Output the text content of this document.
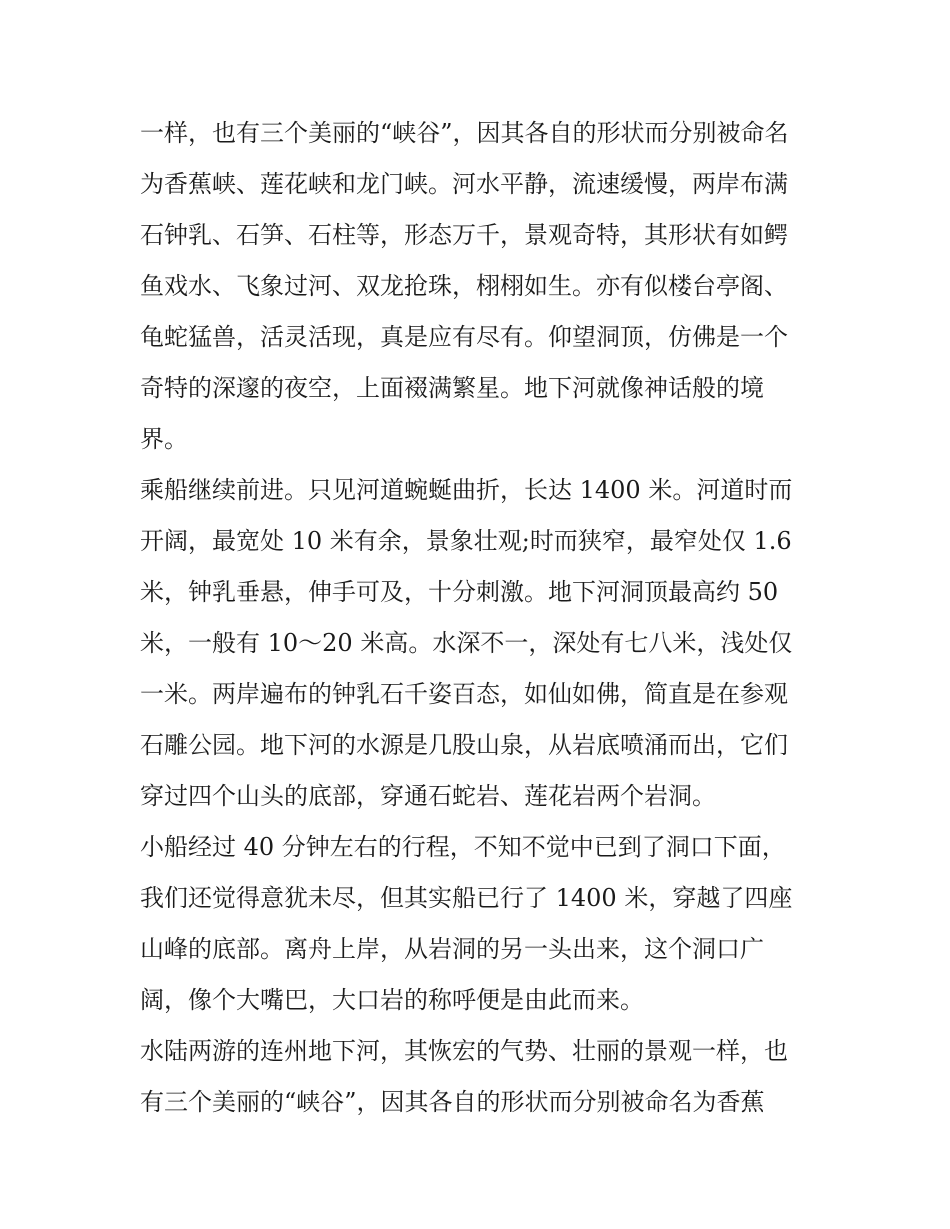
一样，也有三个美丽的“峡谷”，因其各自的形状而分别被命名
为香蕉峡、莲花峡和龙门峡。河水平静，流速缓慢，两岸布满
石钟乳、石笋、石柱等，形态万千，景观奇特，其形状有如鳄
鱼戏水、飞象过河、双龙抢珠，栩栩如生。亦有似楼台亭阁、
龟蛇猛兽，活灵活现，真是应有尽有。仰望洞顶，仿佛是一个
奇特的深邃的夜空，上面裰满繁星。地下河就像神话般的境
界。
乘船继续前进。只见河道蜿蜒曲折，长达 1400 米。河道时而
开阔，最宽处 10 米有余，景象壮观;时而狭窄，最窄处仅 1.6
米，钟乳垂悬，伸手可及，十分刺激。地下河洞顶最高约 50
米，一般有 10～20 米高。水深不一，深处有七八米，浅处仅
一米。两岸遍布的钟乳石千姿百态，如仙如佛，简直是在参观
石雕公园。地下河的水源是几股山泉，从岩底喷涌而出，它们
穿过四个山头的底部，穿通石蛇岩、莲花岩两个岩洞。
小船经过 40 分钟左右的行程，不知不觉中已到了洞口下面，
我们还觉得意犹未尽，但其实船已行了 1400 米，穿越了四座
山峰的底部。离舟上岸，从岩洞的另一头出来，这个洞口广
阔，像个大嘴巴，大口岩的称呼便是由此而来。
水陆两游的连州地下河，其恢宏的气势、壮丽的景观一样，也
有三个美丽的“峡谷”，因其各自的形状而分别被命名为香蕉
